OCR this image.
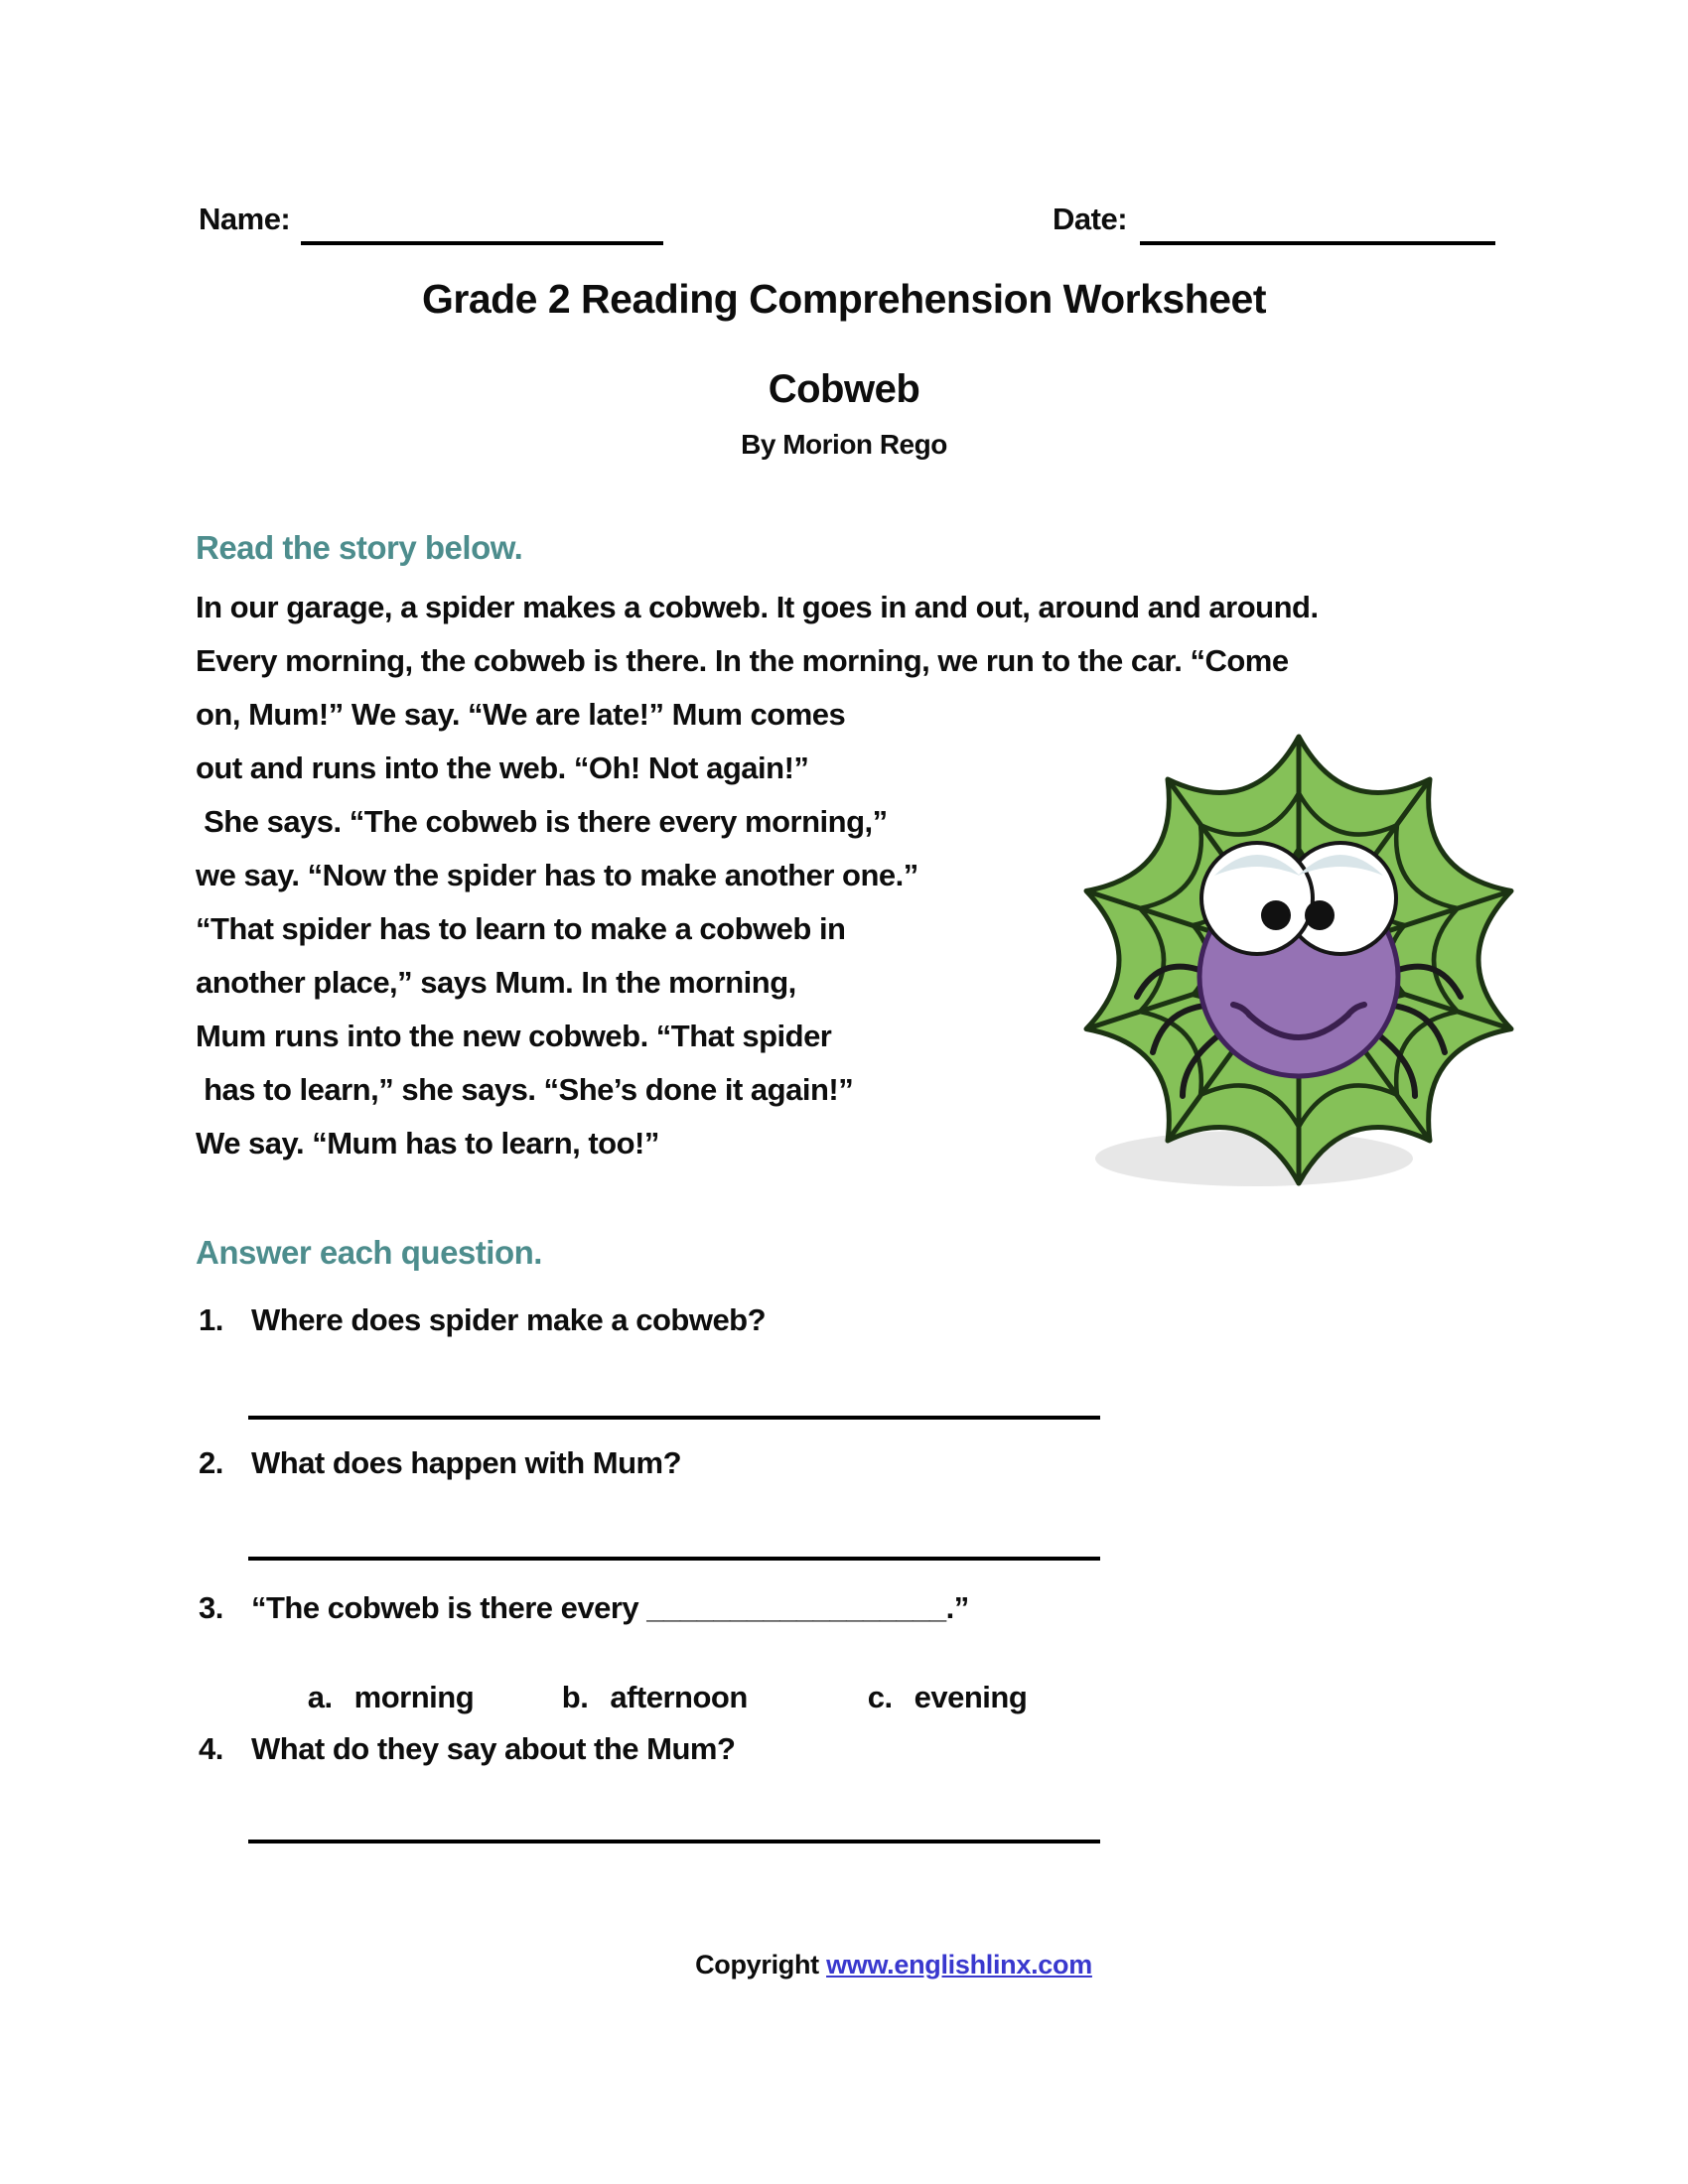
Name:	Date:
Grade 2 Reading Comprehension Worksheet
Cobweb
By Morion Rego
Read the story below.
In our garage, a spider makes a cobweb. It goes in and out, around and around.
Every morning, the cobweb is there. In the morning, we run to the car. “Come
on, Mum!” We say. “We are late!” Mum comes
out and runs into the web. “Oh! Not again!”
She says. “The cobweb is there every morning,”
we say. “Now the spider has to make another one.”
“That spider has to learn to make a cobweb in
another place,” says Mum. In the morning,
Mum runs into the new cobweb. “That spider
has to learn,” she says. “She’s done it again!”
We say. “Mum has to learn, too!”
Answer each question.
1. Where does spider make a cobweb?
2. What does happen with Mum?
3. “The cobweb is there every __________________.”

a. morning
	b. afternoon
	c. evening

4. What do they say about the Mum?
Copyright www.englishlinx.com
